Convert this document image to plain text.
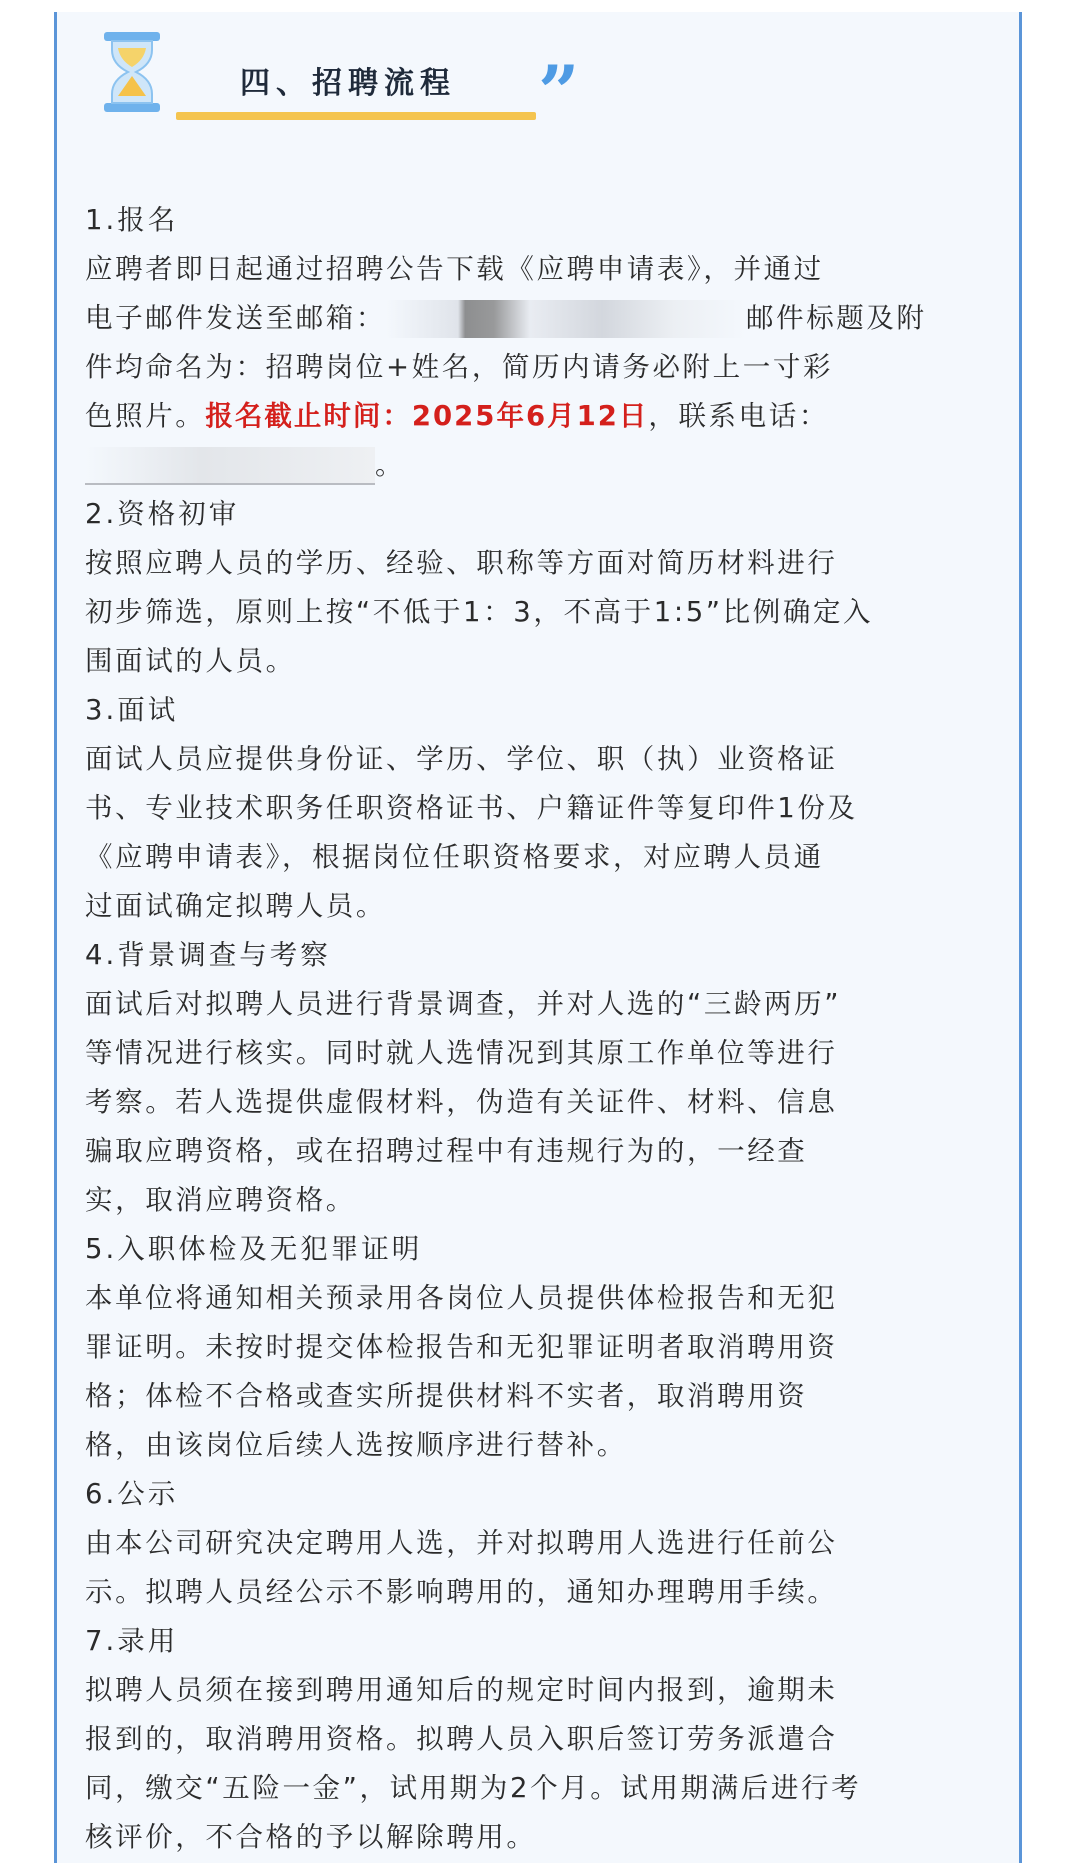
四、招聘流程 ”

1.报名

应聘者即日起通过招聘公告下载《应聘申请表》，并通过

电子邮件发送至邮箱：	邮件标题及附

件均命名为：招聘岗位+姓名，简历内请务必附上一寸彩

色照片。报名截止时间：2025年6月12日，联系电话：

。

2.资格初审

按照应聘人员的学历、经验、职称等方面对简历材料进行

初步筛选，原则上按“不低于1：3，不高于1:5”比例确定入

围面试的人员。

3.面试

面试人员应提供身份证、学历、学位、职（执）业资格证

书、专业技术职务任职资格证书、户籍证件等复印件1份及

《应聘申请表》，根据岗位任职资格要求，对应聘人员通

过面试确定拟聘人员。

4.背景调查与考察

面试后对拟聘人员进行背景调查，并对人选的“三龄两历”

等情况进行核实。同时就人选情况到其原工作单位等进行

考察。若人选提供虚假材料，伪造有关证件、材料、信息

骗取应聘资格，或在招聘过程中有违规行为的，一经查

实，取消应聘资格。

5.入职体检及无犯罪证明

本单位将通知相关预录用各岗位人员提供体检报告和无犯

罪证明。未按时提交体检报告和无犯罪证明者取消聘用资

格；体检不合格或查实所提供材料不实者，取消聘用资

格，由该岗位后续人选按顺序进行替补。

6.公示

由本公司研究决定聘用人选，并对拟聘用人选进行任前公

示。拟聘人员经公示不影响聘用的，通知办理聘用手续。

7.录用

拟聘人员须在接到聘用通知后的规定时间内报到，逾期未

报到的，取消聘用资格。拟聘人员入职后签订劳务派遣合

同，缴交“五险一金”，试用期为2个月。试用期满后进行考

核评价，不合格的予以解除聘用。
